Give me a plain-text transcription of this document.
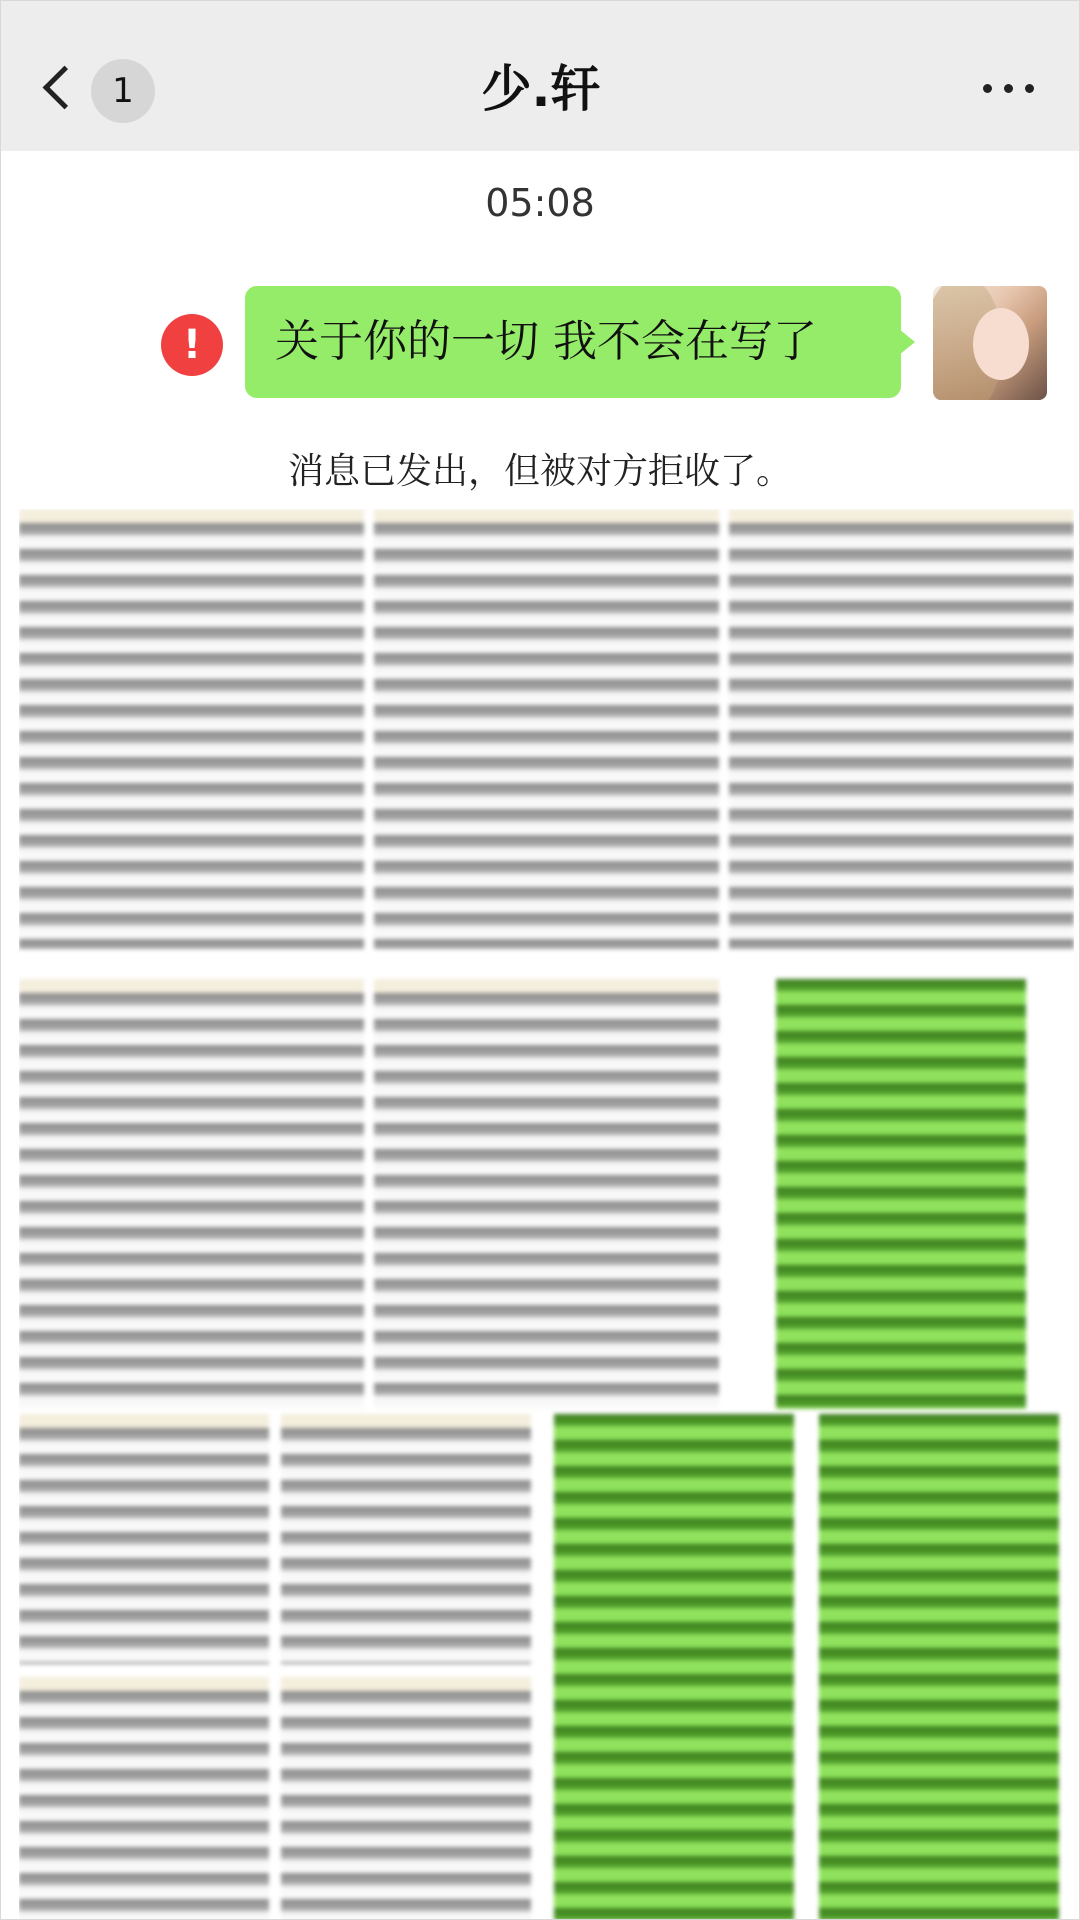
1	少.轩
05:08
!	关于你的一切 我不会在写了
消息已发出，但被对方拒收了。
